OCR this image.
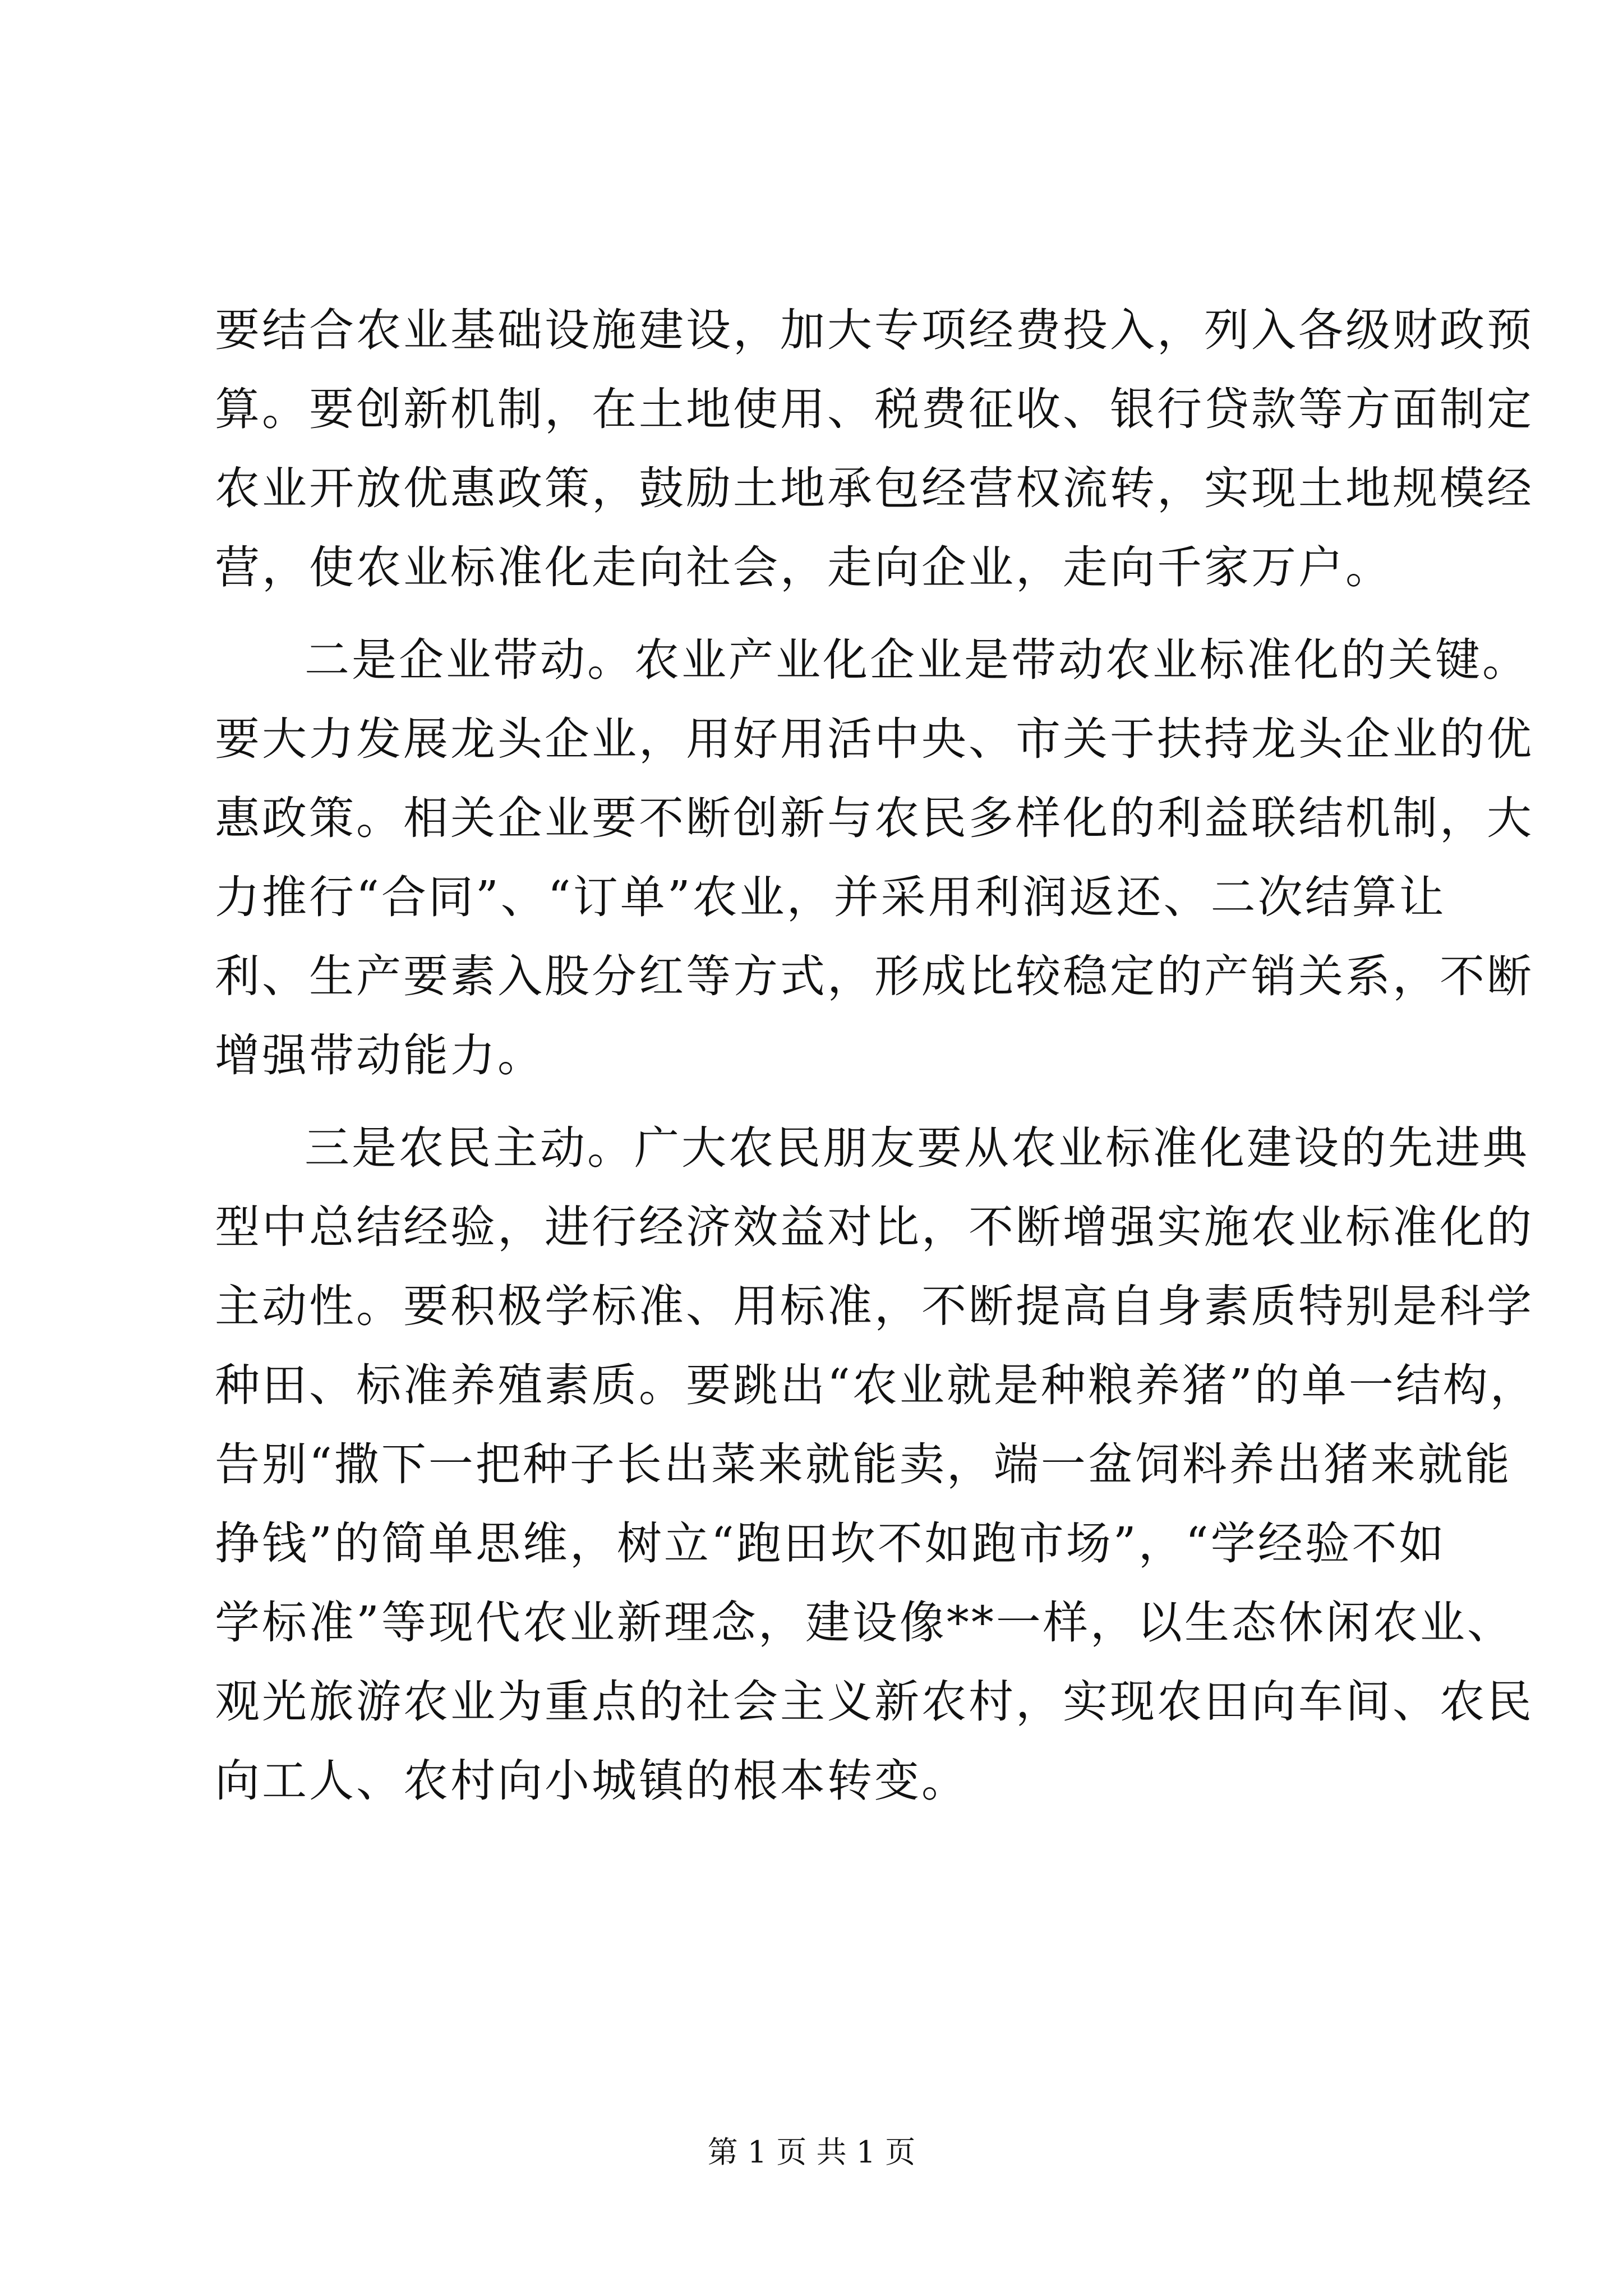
要结合农业基础设施建设，加大专项经费投入，列入各级财政预
算。要创新机制，在土地使用、税费征收、银行贷款等方面制定
农业开放优惠政策，鼓励土地承包经营权流转，实现土地规模经
营，使农业标准化走向社会，走向企业，走向千家万户。
二是企业带动。农业产业化企业是带动农业标准化的关键。
要大力发展龙头企业，用好用活中央、市关于扶持龙头企业的优
惠政策。相关企业要不断创新与农民多样化的利益联结机制，大
力推行“合同”、“订单”农业，并采用利润返还、二次结算让
利、生产要素入股分红等方式，形成比较稳定的产销关系，不断
增强带动能力。
三是农民主动。广大农民朋友要从农业标准化建设的先进典
型中总结经验，进行经济效益对比，不断增强实施农业标准化的
主动性。要积极学标准、用标准，不断提高自身素质特别是科学
种田、标准养殖素质。要跳出“农业就是种粮养猪”的单一结构，
告别“撒下一把种子长出菜来就能卖，端一盆饲料养出猪来就能
挣钱”的简单思维，树立“跑田坎不如跑市场”，“学经验不如
学标准”等现代农业新理念，建设像**一样，以生态休闲农业、
观光旅游农业为重点的社会主义新农村，实现农田向车间、农民
向工人、农村向小城镇的根本转变。
第 1 页 共 1 页
